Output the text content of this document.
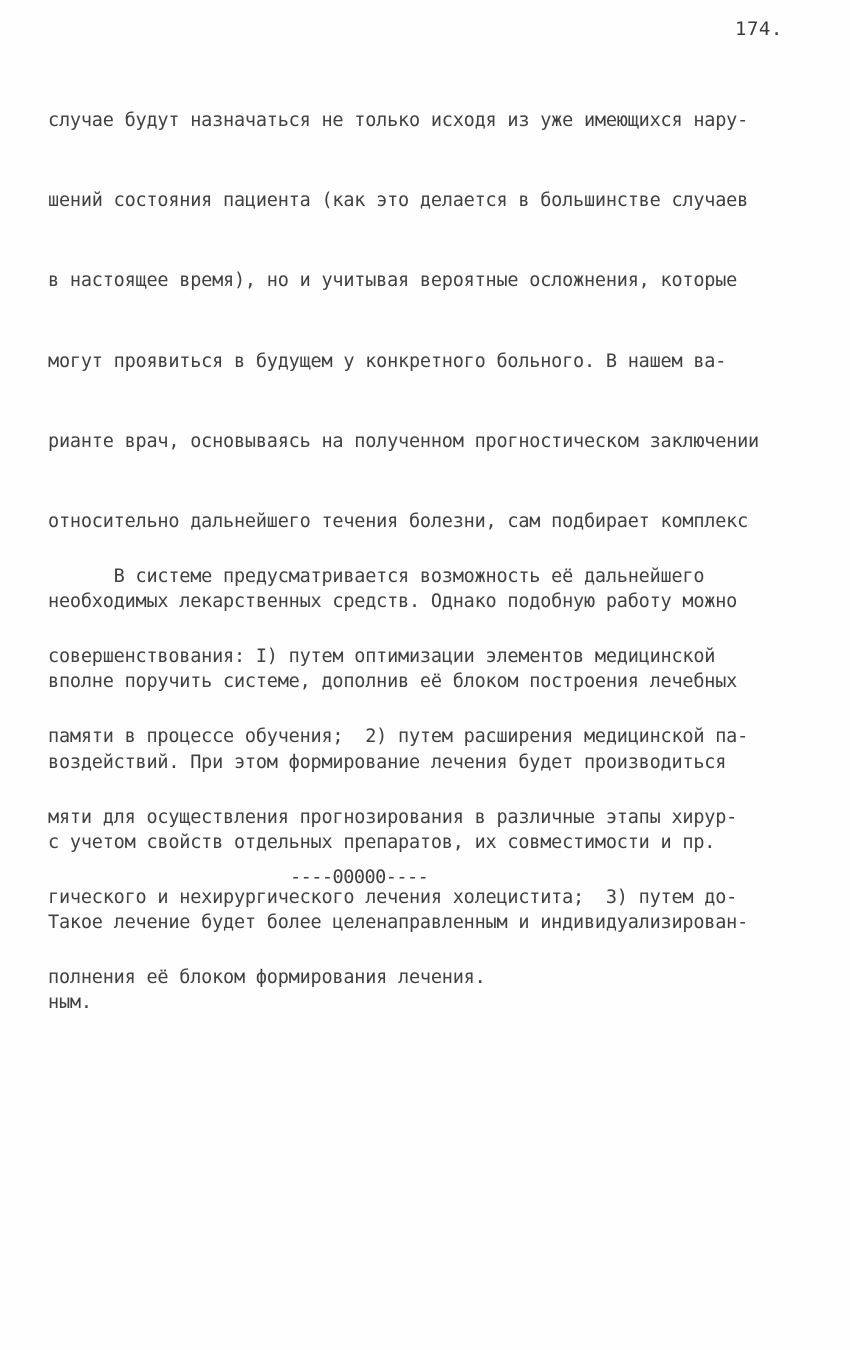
174.

случае будут назначаться не только исходя из уже имеющихся нару-

шений состояния пациента (как это делается в большинстве случаев

в настоящее время), но и учитывая вероятные осложнения, которые

могут проявиться в будущем у конкретного больного. В нашем ва-

рианте врач, основываясь на полученном прогностическом заключении

относительно дальнейшего течения болезни, сам подбирает комплекс

необходимых лекарственных средств. Однако подобную работу можно

вполне поручить системе, дополнив её блоком построения лечебных

воздействий. При этом формирование лечения будет производиться

с учетом свойств отдельных препаратов, их совместимости и пр.

Такое лечение будет более целенаправленным и индивидуализирован-

ным.

В системе предусматривается возможность её дальнейшего

совершенствования: I) путем оптимизации элементов медицинской

памяти в процессе обучения;  2) путем расширения медицинской па-

мяти для осуществления прогнозирования в различные этапы хирур-

гического и нехирургического лечения холецистита;  3) путем до-

полнения её блоком формирования лечения.

----00000----
